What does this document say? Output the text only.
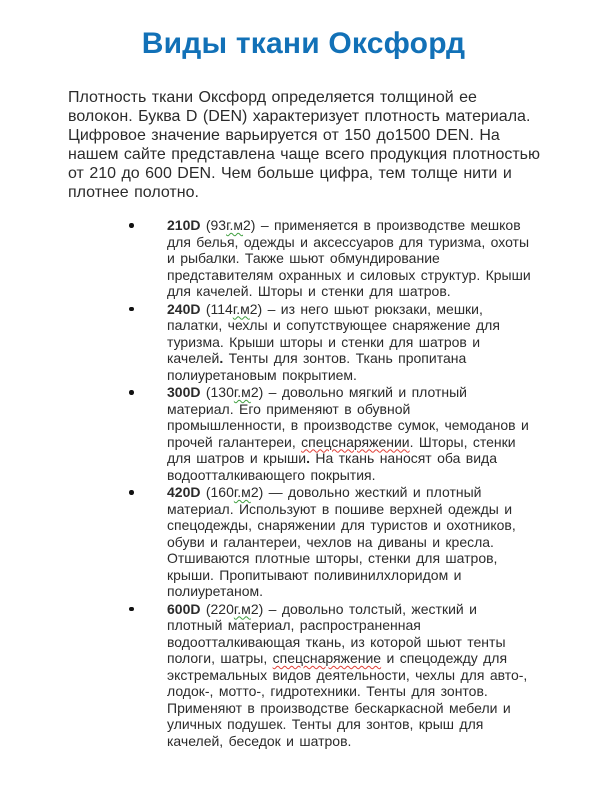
Виды ткани Оксфорд

Плотность ткани Оксфорд определяется толщиной ее волокон. Буква D (DEN) характеризует плотность материала. Цифровое значение варьируется от 150 до1500 DEN. На нашем сайте представлена чаще всего продукция плотностью от 210 до 600 DEN. Чем больше цифра, тем толще нити и плотнее полотно.

210D (93г.м2) – применяется в производстве мешков для белья, одежды и аксессуаров для туризма, охоты и рыбалки. Также шьют обмундирование представителям охранных и силовых структур. Крыши для качелей. Шторы и стенки для шатров.
240D (114г.м2) – из него шьют рюкзаки, мешки, палатки, чехлы и сопутствующее снаряжение для туризма. Крыши шторы и стенки для шатров и качелей. Тенты для зонтов. Ткань пропитана полиуретановым покрытием.
300D (130г.м2) – довольно мягкий и плотный материал. Его применяют в обувной промышленности, в производстве сумок, чемоданов и прочей галантереи, спецснаряжении. Шторы, стенки для шатров и крыши. На ткань наносят оба вида водоотталкивающего покрытия.
420D (160г.м2) — довольно жесткий и плотный материал. Используют в пошиве верхней одежды и спецодежды, снаряжении для туристов и охотников, обуви и галантереи, чехлов на диваны и кресла. Отшиваются плотные шторы, стенки для шатров, крыши. Пропитывают поливинилхлоридом и полиуретаном.
600D (220г.м2) – довольно толстый, жесткий и плотный материал, распространенная водоотталкивающая ткань, из которой шьют тенты пологи, шатры, спецснаряжение и спецодежду для экстремальных видов деятельности, чехлы для авто-, лодок-, мотто-, гидротехники. Тенты для зонтов. Применяют в производстве бескаркасной мебели и уличных подушек. Тенты для зонтов, крыш для качелей, беседок и шатров.
